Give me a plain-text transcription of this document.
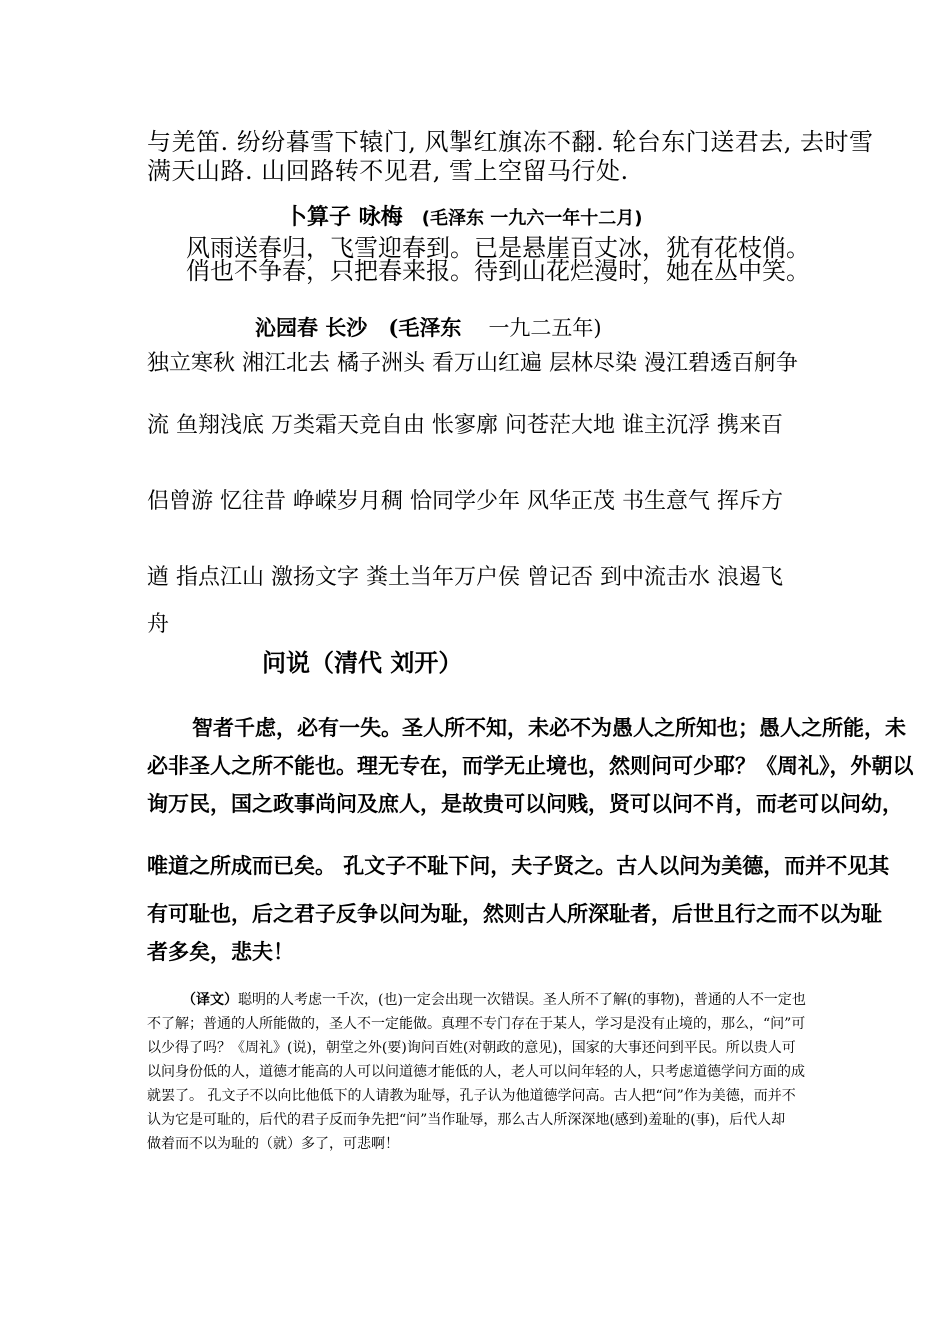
与羌笛. 纷纷暮雪下辕门, 风掣红旗冻不翻. 轮台东门送君去, 去时雪
满天山路. 山回路转不见君, 雪上空留马行处.
卜算子 咏梅 (毛泽东 一九六一年十二月)
风雨送春归，飞雪迎春到。已是悬崖百丈冰，犹有花枝俏。
俏也不争春，只把春来报。待到山花烂漫时，她在丛中笑。
沁园春 长沙 (毛泽东 一九二五年)
独立寒秋 湘江北去 橘子洲头 看万山红遍 层林尽染 漫江碧透百舸争
流 鱼翔浅底 万类霜天竞自由 怅寥廓 问苍茫大地 谁主沉浮 携来百
侣曾游 忆往昔 峥嵘岁月稠 恰同学少年 风华正茂 书生意气 挥斥方
遒 指点江山 激扬文字 粪土当年万户侯 曾记否 到中流击水 浪遏飞
舟
问说（清代 刘开）
智者千虑，必有一失。圣人所不知，未必不为愚人之所知也；愚人之所能，未
必非圣人之所不能也。理无专在，而学无止境也，然则问可少耶？《周礼》，外朝以
询万民，国之政事尚问及庶人，是故贵可以问贱，贤可以问不肖，而老可以问幼，
唯道之所成而已矣。 孔文子不耻下问，夫子贤之。古人以问为美德，而并不见其
有可耻也，后之君子反争以问为耻，然则古人所深耻者，后世且行之而不以为耻
者多矣，悲夫！
（译文）聪明的人考虑一千次，(也)一定会出现一次错误。圣人所不了解(的事物)，普通的人不一定也
不了解；普通的人所能做的，圣人不一定能做。真理不专门存在于某人，学习是没有止境的，那么，“问”可
以少得了吗？《周礼》(说)，朝堂之外(要)询问百姓(对朝政的意见)，国家的大事还问到平民。所以贵人可
以问身份低的人，道德才能高的人可以问道德才能低的人，老人可以问年轻的人，只考虑道德学问方面的成
就罢了。 孔文子不以向比他低下的人请教为耻辱，孔子认为他道德学问高。古人把“问”作为美德，而并不
认为它是可耻的，后代的君子反而争先把“问”当作耻辱，那么古人所深深地(感到)羞耻的(事)，后代人却
做着而不以为耻的（就）多了，可悲啊！
